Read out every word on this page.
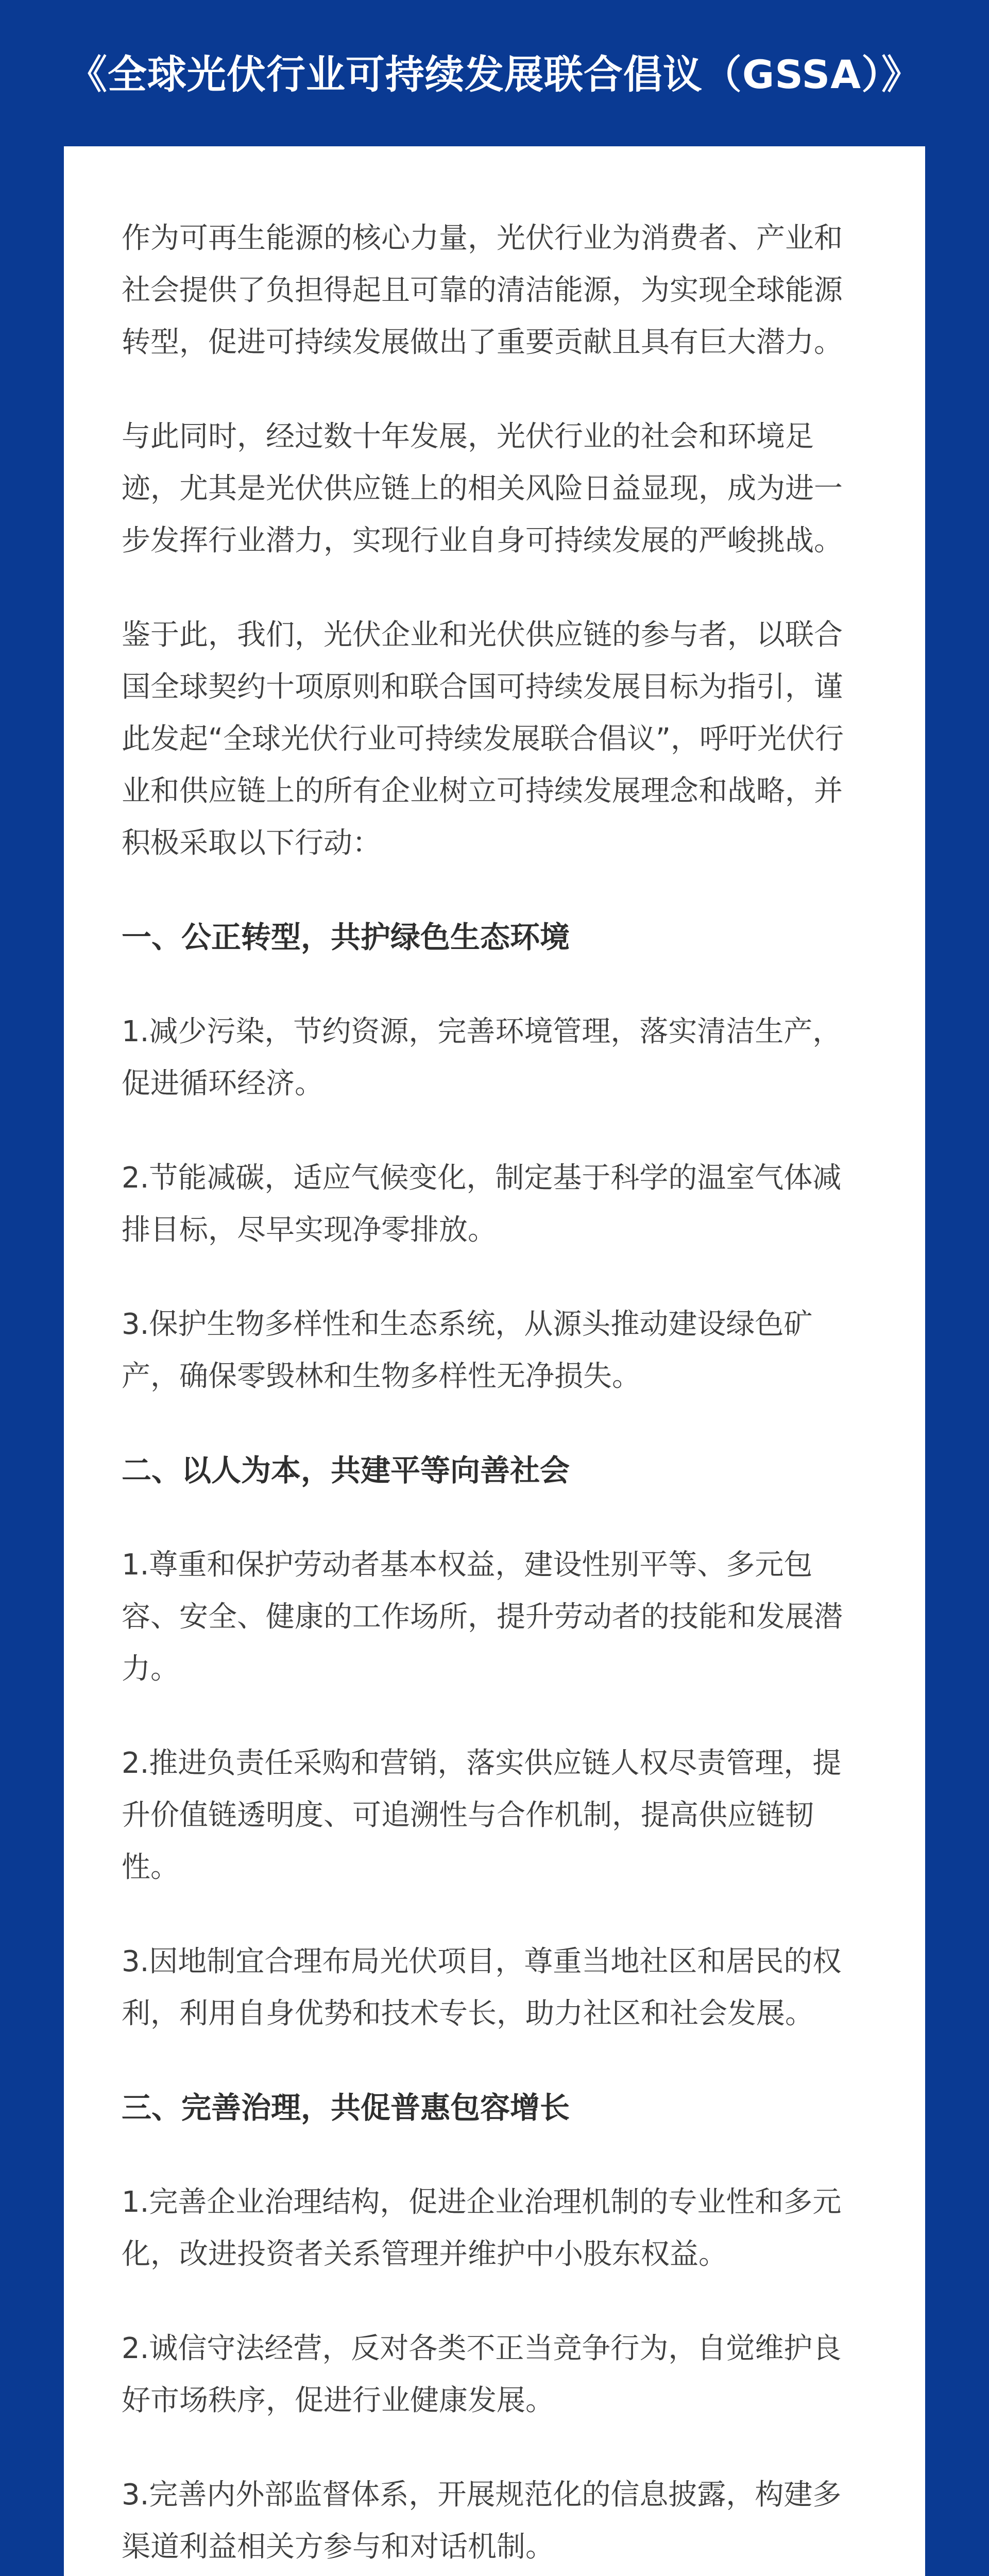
《全球光伏行业可持续发展联合倡议（GSSA）》

作为可再生能源的核心力量，光伏行业为消费者、产业和社会提供了负担得起且可靠的清洁能源，为实现全球能源转型，促进可持续发展做出了重要贡献且具有巨大潜力。

与此同时，经过数十年发展，光伏行业的社会和环境足迹，尤其是光伏供应链上的相关风险日益显现，成为进一步发挥行业潜力，实现行业自身可持续发展的严峻挑战。

鉴于此，我们，光伏企业和光伏供应链的参与者，以联合国全球契约十项原则和联合国可持续发展目标为指引，谨此发起“全球光伏行业可持续发展联合倡议”，呼吁光伏行业和供应链上的所有企业树立可持续发展理念和战略，并积极采取以下行动：

一、公正转型，共护绿色生态环境

1.减少污染，节约资源，完善环境管理，落实清洁生产，促进循环经济。

2.节能减碳，适应气候变化，制定基于科学的温室气体减排目标，尽早实现净零排放。

3.保护生物多样性和生态系统，从源头推动建设绿色矿产，确保零毁林和生物多样性无净损失。

二、以人为本，共建平等向善社会

1.尊重和保护劳动者基本权益，建设性别平等、多元包容、安全、健康的工作场所，提升劳动者的技能和发展潜力。

2.推进负责任采购和营销，落实供应链人权尽责管理，提升价值链透明度、可追溯性与合作机制，提高供应链韧性。

3.因地制宜合理布局光伏项目，尊重当地社区和居民的权利，利用自身优势和技术专长，助力社区和社会发展。

三、完善治理，共促普惠包容增长

1.完善企业治理结构，促进企业治理机制的专业性和多元化，改进投资者关系管理并维护中小股东权益。

2.诚信守法经营，反对各类不正当竞争行为，自觉维护良好市场秩序，促进行业健康发展。

3.完善内外部监督体系，开展规范化的信息披露，构建多渠道利益相关方参与和对话机制。
